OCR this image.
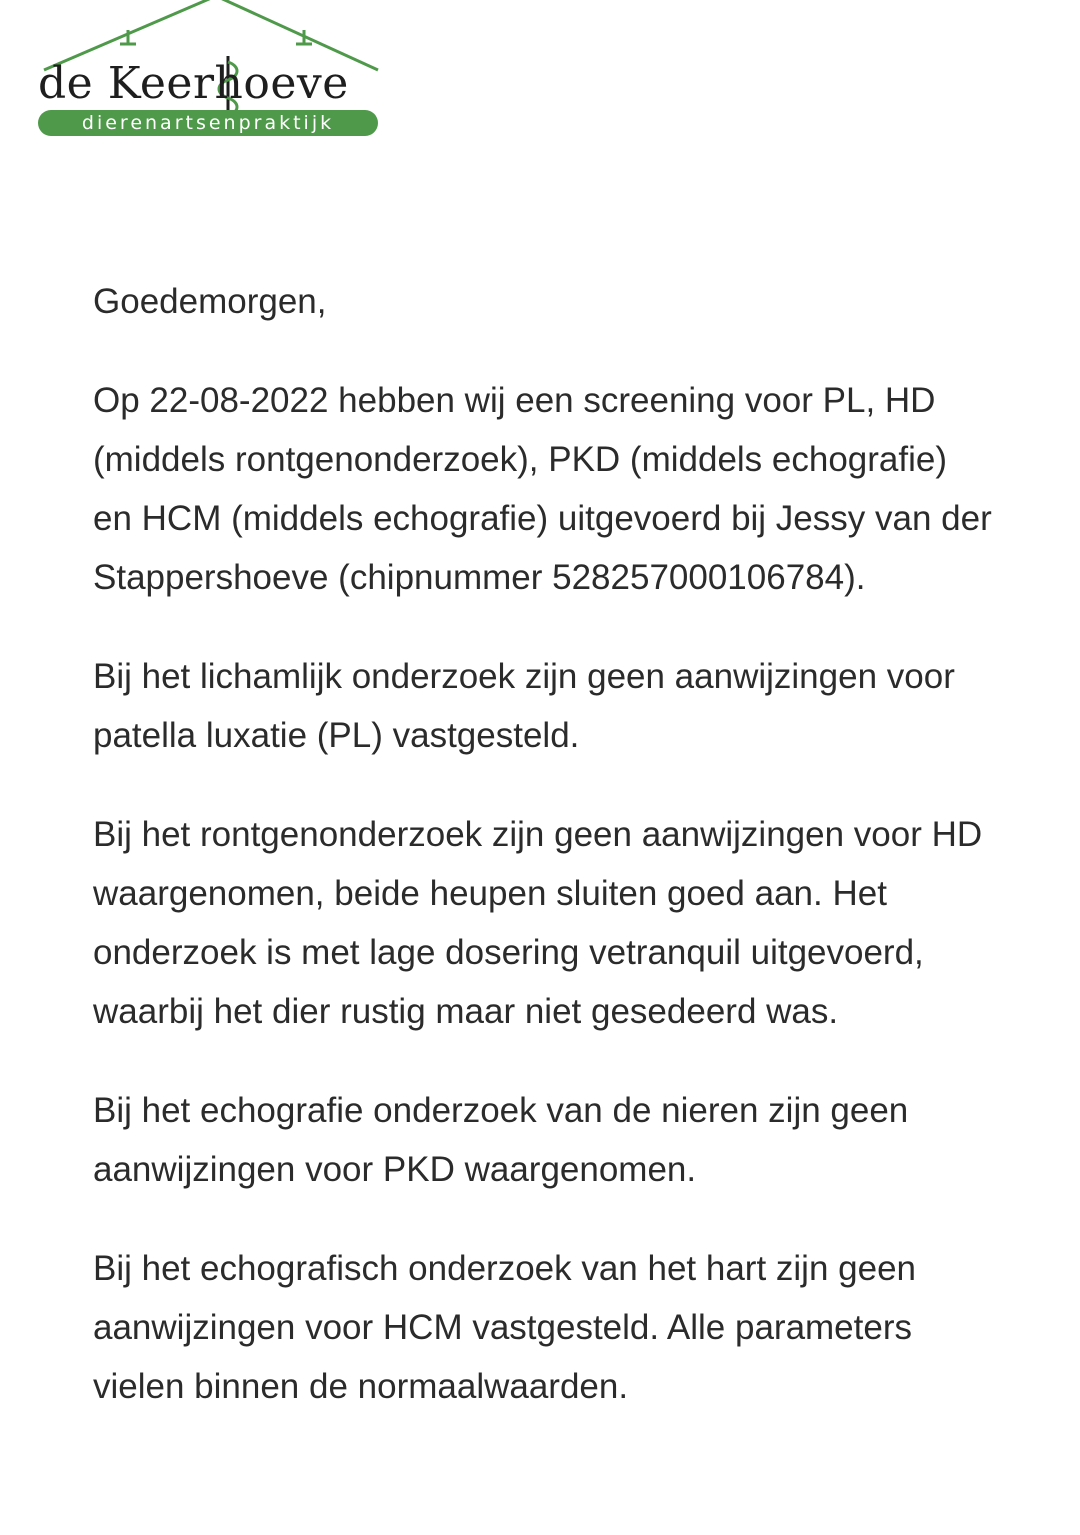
de Keerhoeve
dierenartsenpraktijk

Goedemorgen,

Op 22-08-2022 hebben wij een screening voor PL, HD (middels rontgenonderzoek), PKD (middels echografie) en HCM (middels echografie) uitgevoerd bij Jessy van der Stappershoeve (chipnummer 528257000106784).

Bij het lichamlijk onderzoek zijn geen aanwijzingen voor patella luxatie (PL) vastgesteld.

Bij het rontgenonderzoek zijn geen aanwijzingen voor HD waargenomen, beide heupen sluiten goed aan. Het onderzoek is met lage dosering vetranquil uitgevoerd, waarbij het dier rustig maar niet gesedeerd was.

Bij het echografie onderzoek van de nieren zijn geen aanwijzingen voor PKD waargenomen.

Bij het echografisch onderzoek van het hart zijn geen aanwijzingen voor HCM vastgesteld. Alle parameters vielen binnen de normaalwaarden.
